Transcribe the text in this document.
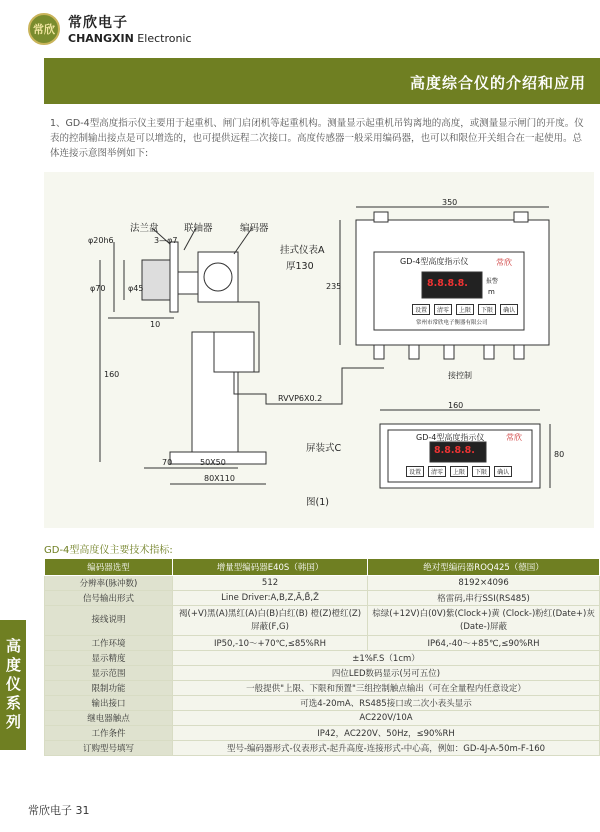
常欣 常欣电子
CHANGXIN Electronic
高度综合仪的介绍和应用
1、GD-4型高度指示仪主要用于起重机、闸门启闭机等起重机构。测量显示起重机吊钩离地的高度，或测量显示闸门的开度。仪表的控制输出接点是可以增选的，也可提供远程二次接口。高度传感器一般采用编码器，也可以和限位开关组合在一起使用。总体连接示意图举例如下:
法兰盘	联轴器	编码器
挂式仪表A
厚130
屏装式C
RVVP6X0.2
接控制
图(1)
350
235
160
80
φ20h6	3—φ7
φ70	φ45
10
160
70	50X50
80X110
GD-4型高度指示仪	常欣
8.8.8.8.	报警
m
设置	清零	上限	下限	确认
常州市常欣电子衡器有限公司
GD-4型高度指示仪	常欣
8.8.8.8.
设置	清零	上限	下限	确认
GD-4型高度仪主要技术指标:
编码器选型	增量型编码器E40S（韩国）	绝对型编码器ROQ425（德国）
分辨率(脉冲数)	512	8192×4096
信号输出形式	Line Driver:A,B,Z,Ā,B̄,Z̄	格雷码,串行SSI(RS485)
接线说明	褐(+V)黑(A)黑红(A)白(B)白红(B) 橙(Z)橙红(Z)屏蔽(F,G)	棕绿(+12V)白(0V)紫(Clock+)黄 (Clock-)粉红(Date+)灰(Date-)屏蔽
工作环境	IP50,-10～+70℃,≤85%RH	IP64,-40～+85℃,≤90%RH
显示精度	±1%F.S（1cm）	
显示范围	四位LED数码显示(另可五位)	
限制功能	一般提供"上限、下限和预置"三组控制触点输出（可在全量程内任意设定）	
输出接口	可选4-20mA、RS485接口或二次小表头显示	
继电器触点	AC220V/10A	
工作条件	IP42，AC220V、50Hz，≤90%RH	
订购型号填写	型号-编码器形式-仪表形式-起升高度-连接形式-中心高，例如：GD-4J-A-50m-F-160	
高度仪系列
常欣电子 31
